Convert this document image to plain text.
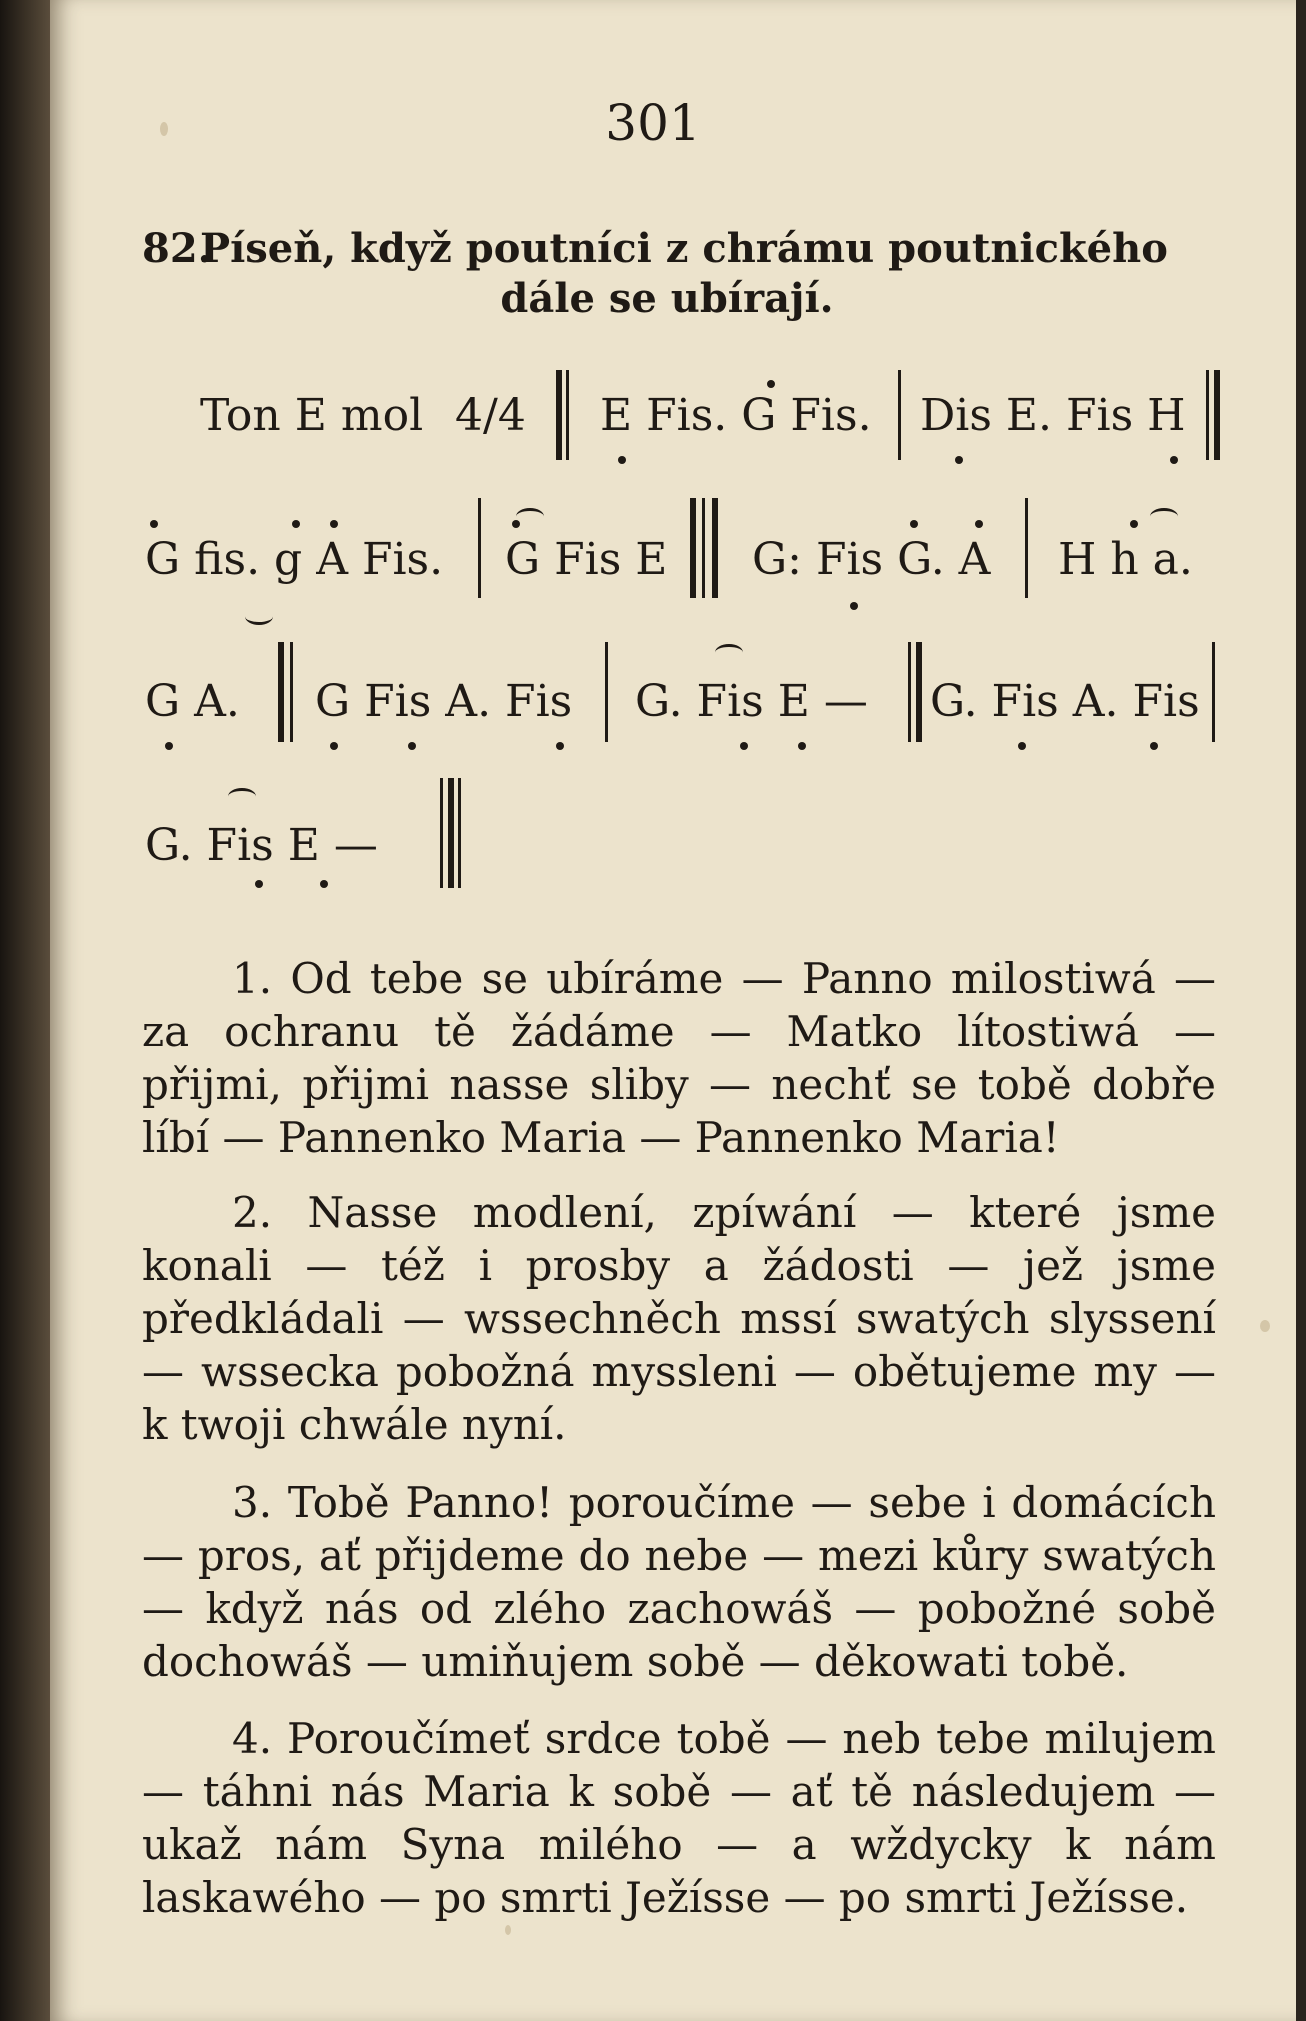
301
82.Píseň, když poutníci z chrámu poutnického
dále se ubírají.
Ton E mol 4/4 E Fis. G Fis. Dis E. Fis H
G fis. g A Fis. G Fis E G: Fis G. A H h a.
G A. G Fis A. Fis G. Fis E — G. Fis A. Fis
G. Fis E —
1. Od tebe se ubíráme — Panno milostiwá — za ochranu tě žádáme — Matko lítostiwá — přijmi, přijmi nasse sliby — nechť se tobě dobře líbí — Pannenko Maria — Pannenko Maria!
2. Nasse modlení, zpíwání — které jsme konali — též i prosby a žádosti — jež jsme předkládali — wssechněch mssí swatých slyssení — wssecka pobožná myssleni — obětujeme my — k twoji chwále nyní.
3. Tobě Panno! poroučíme — sebe i domácích — pros, ať přijdeme do nebe — mezi kůry swatých — když nás od zlého zachowáš — pobožné sobě dochowáš — umiňujem sobě — děkowati tobě.
4. Poroučímeť srdce tobě — neb tebe milujem — táhni nás Maria k sobě — ať tě následujem — ukaž nám Syna milého — a wždycky k nám laskawého — po smrti Ježísse — po smrti Ježísse.
